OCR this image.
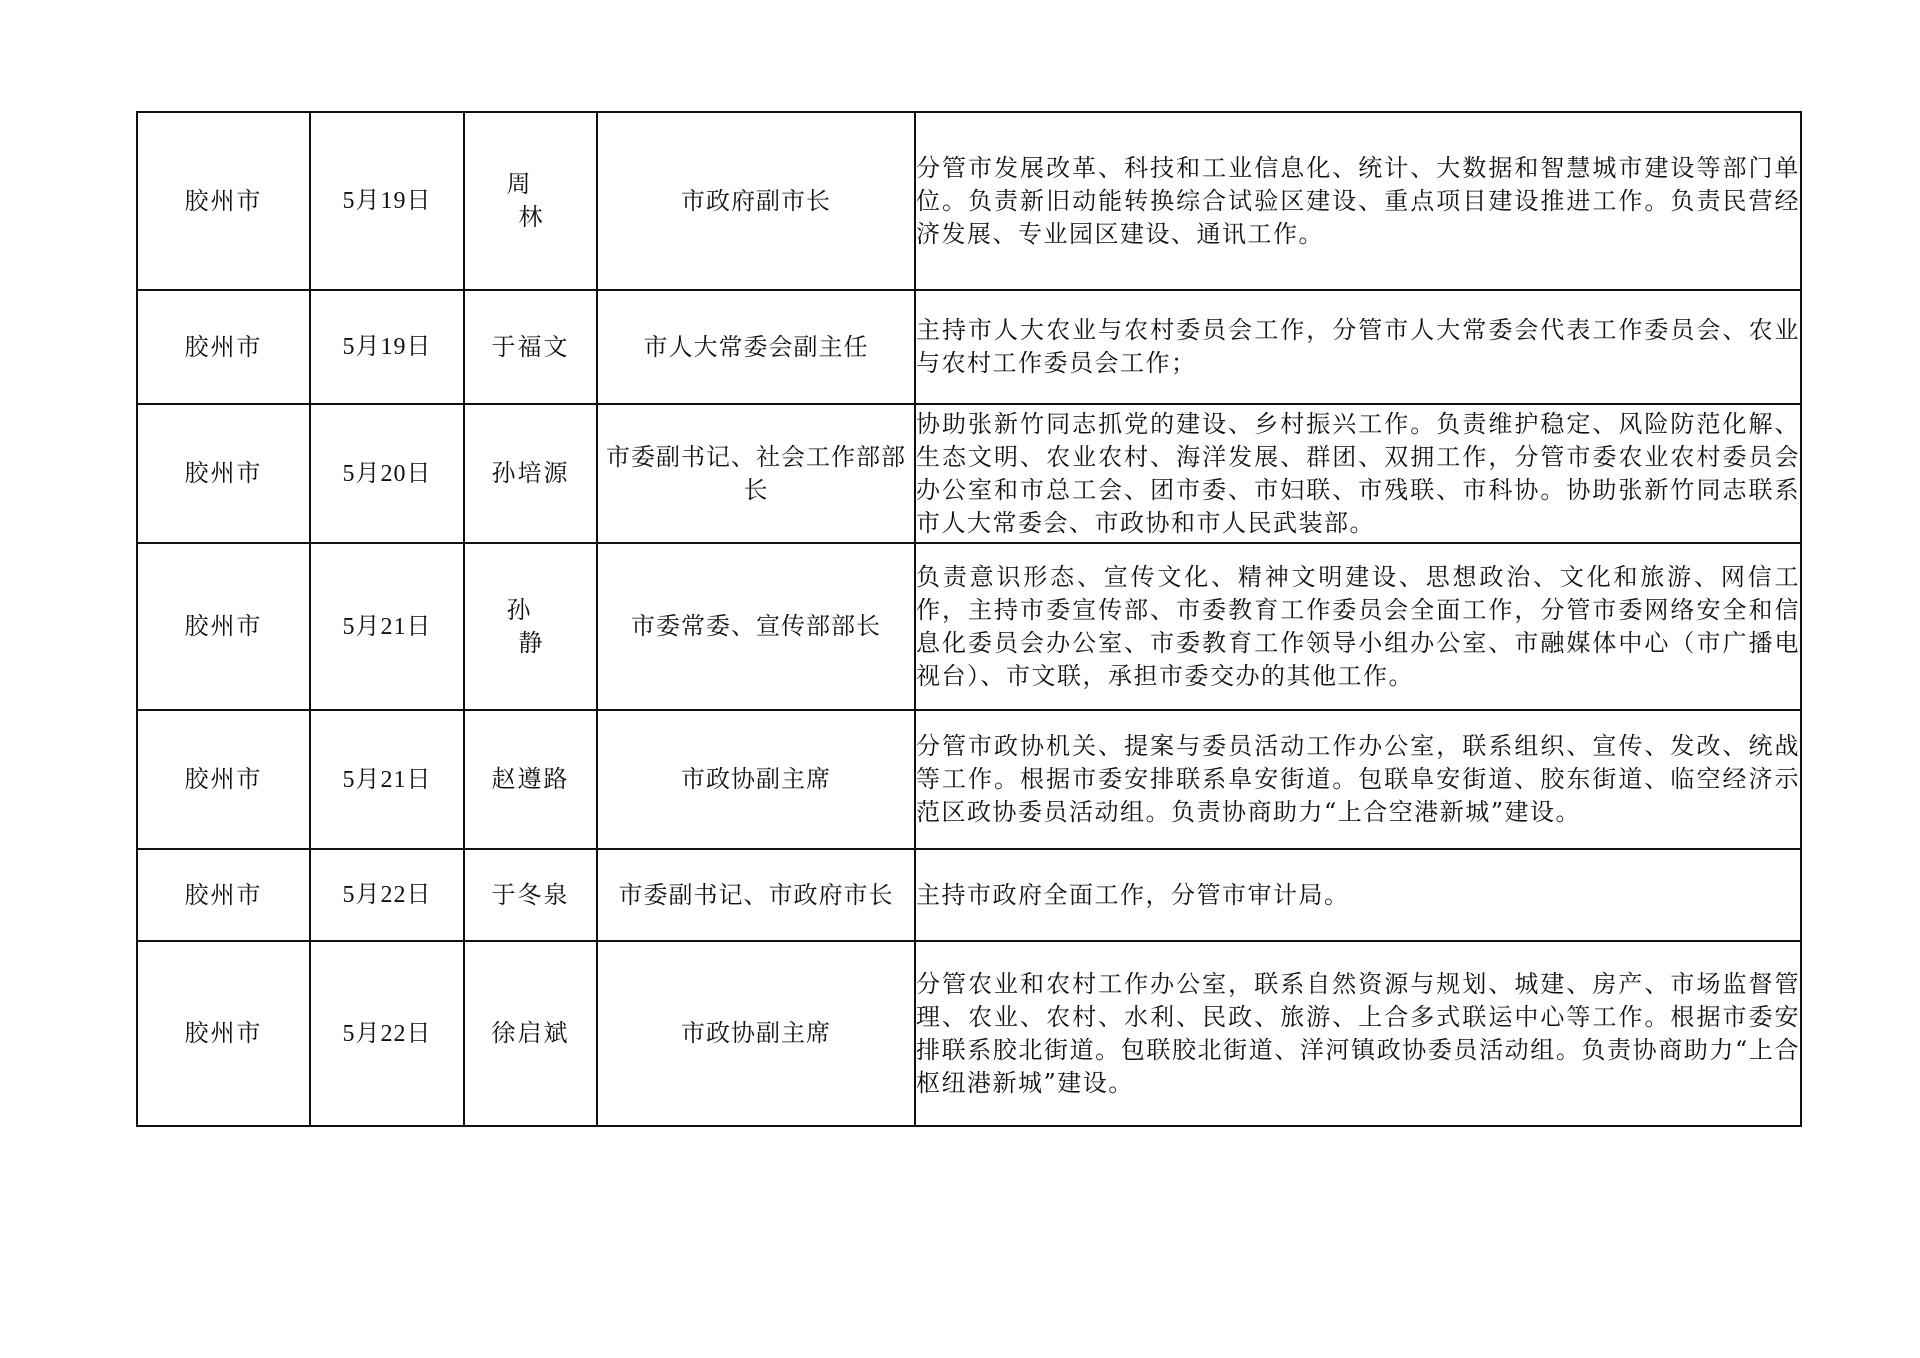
胶州市	5月19日	周　林	市政府副市长	分管市发展改革、科技和工业信息化、统计、大数据和智慧城市建设等部门单位。负责新旧动能转换综合试验区建设、重点项目建设推进工作。负责民营经济发展、专业园区建设、通讯工作。
胶州市	5月19日	于福文	市人大常委会副主任	主持市人大农业与农村委员会工作，分管市人大常委会代表工作委员会、农业与农村工作委员会工作；
胶州市	5月20日	孙培源	市委副书记、社会工作部部长	协助张新竹同志抓党的建设、乡村振兴工作。负责维护稳定、风险防范化解、生态文明、农业农村、海洋发展、群团、双拥工作，分管市委农业农村委员会办公室和市总工会、团市委、市妇联、市残联、市科协。协助张新竹同志联系市人大常委会、市政协和市人民武装部。
胶州市	5月21日	孙　静	市委常委、宣传部部长	负责意识形态、宣传文化、精神文明建设、思想政治、文化和旅游、网信工作，主持市委宣传部、市委教育工作委员会全面工作，分管市委网络安全和信息化委员会办公室、市委教育工作领导小组办公室、市融媒体中心（市广播电视台）、市文联，承担市委交办的其他工作。
胶州市	5月21日	赵遵路	市政协副主席	分管市政协机关、提案与委员活动工作办公室，联系组织、宣传、发改、统战等工作。根据市委安排联系阜安街道。包联阜安街道、胶东街道、临空经济示范区政协委员活动组。负责协商助力“上合空港新城”建设。
胶州市	5月22日	于冬泉	市委副书记、市政府市长	主持市政府全面工作，分管市审计局。
胶州市	5月22日	徐启斌	市政协副主席	分管农业和农村工作办公室，联系自然资源与规划、城建、房产、市场监督管理、农业、农村、水利、民政、旅游、上合多式联运中心等工作。根据市委安排联系胶北街道。包联胶北街道、洋河镇政协委员活动组。负责协商助力“上合枢纽港新城”建设。
